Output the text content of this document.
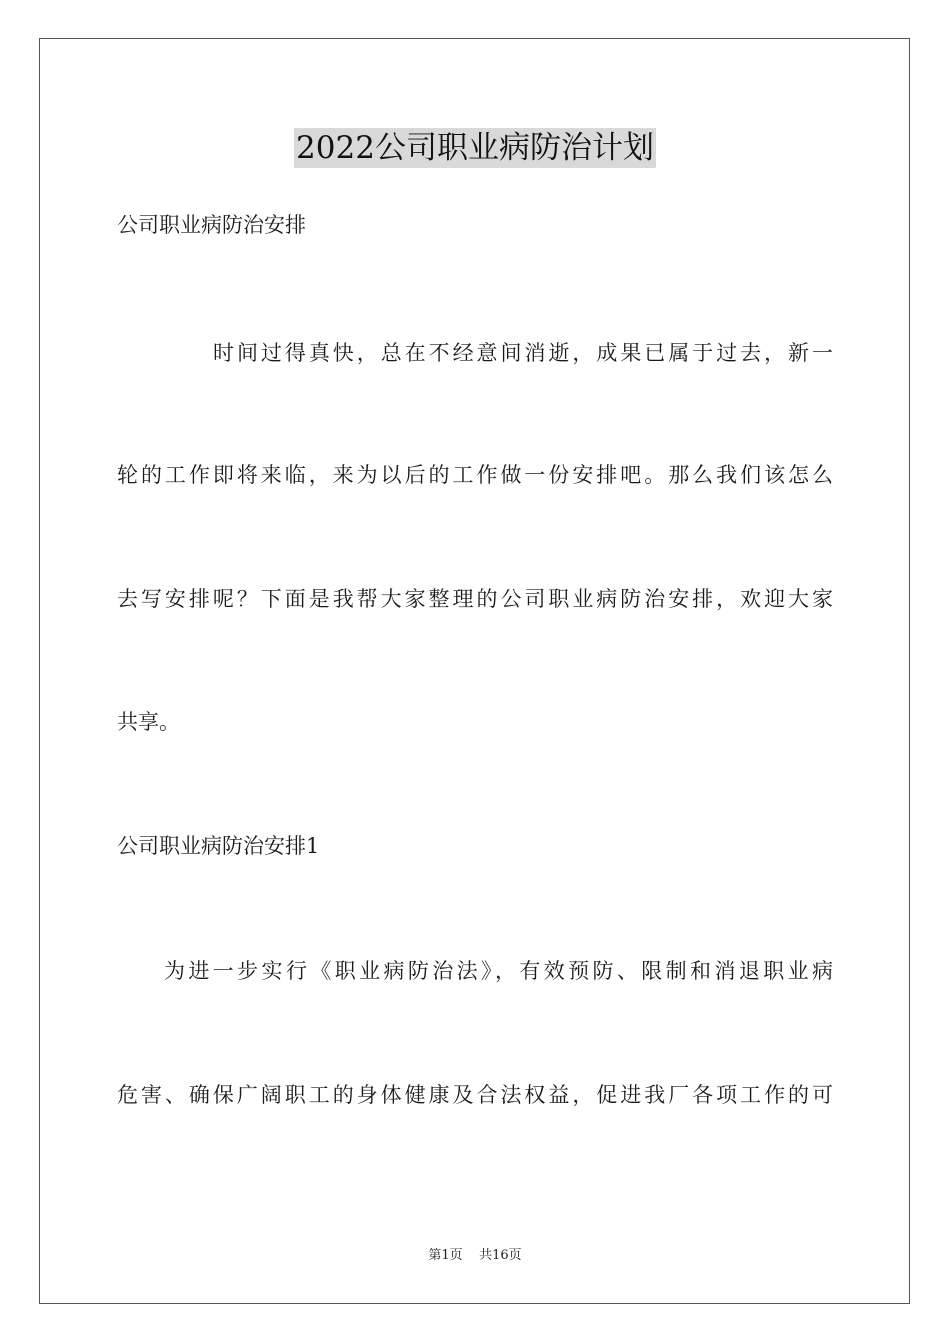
2022公司职业病防治计划
公司职业病防治安排
时间过得真快，总在不经意间消逝，成果已属于过去，新一
轮的工作即将来临，来为以后的工作做一份安排吧。那么我们该怎么
去写安排呢？下面是我帮大家整理的公司职业病防治安排，欢迎大家
共享。
公司职业病防治安排1
为进一步实行《职业病防治法》，有效预防、限制和消退职业病
危害、确保广阔职工的身体健康及合法权益，促进我厂各项工作的可
第1页 共16页
